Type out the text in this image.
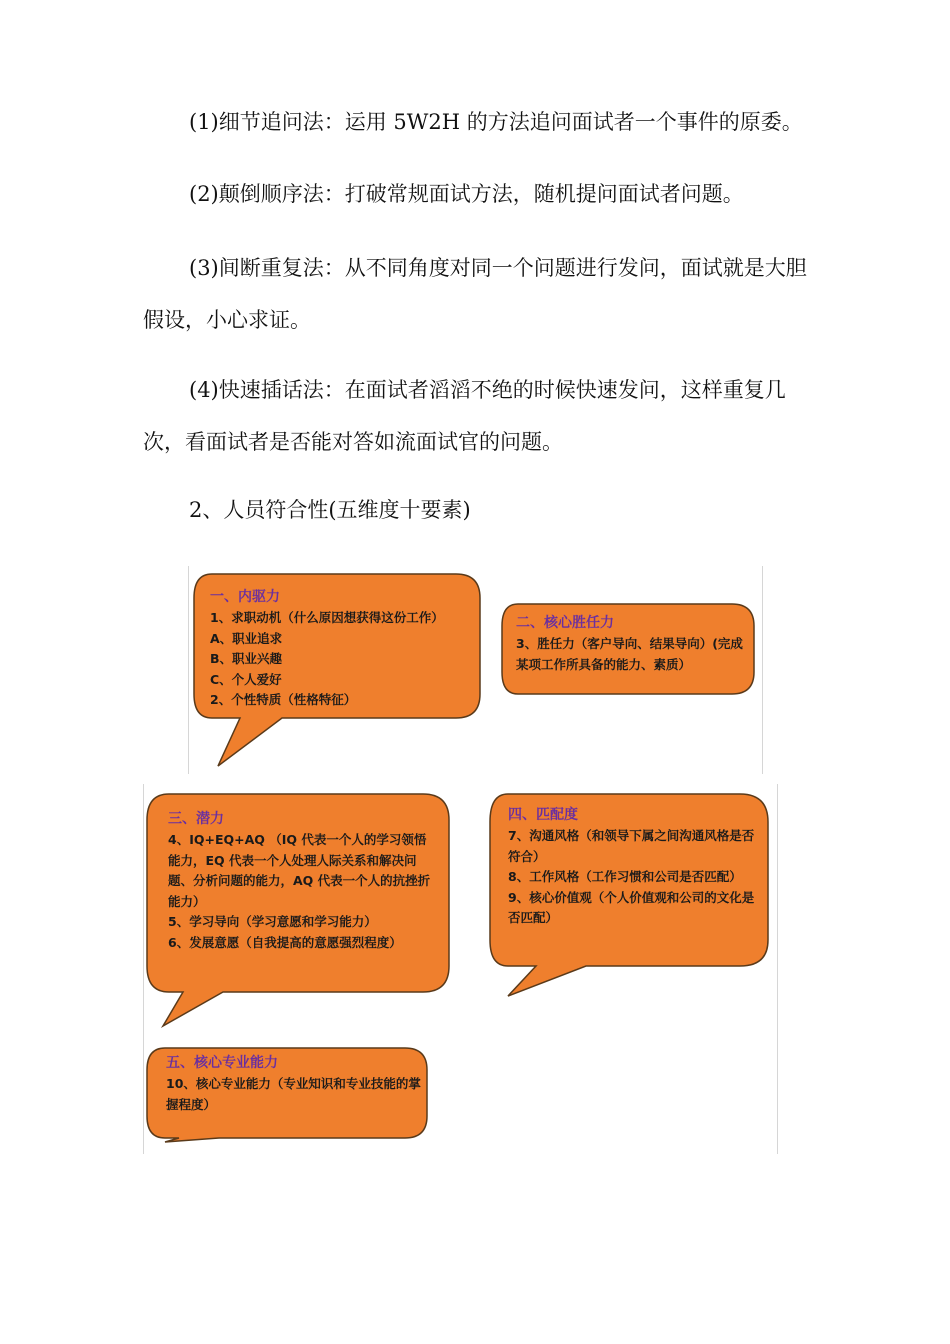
(1)细节追问法：运用 5W2H 的方法追问面试者一个事件的原委。

(2)颠倒顺序法：打破常规面试方法，随机提问面试者问题。

(3)间断重复法：从不同角度对同一个问题进行发问，面试就是大胆假设，小心求证。

(4)快速插话法：在面试者滔滔不绝的时候快速发问，这样重复几次，看面试者是否能对答如流面试官的问题。

2、人员符合性(五维度十要素)

一、内驱力
1、求职动机（什么原因想获得这份工作）
A、职业追求
B、职业兴趣
C、个人爱好
2、个性特质（性格特征）
二、核心胜任力
3、胜任力（客户导向、结果导向）(完成某项工作所具备的能力、素质）
三、潜力
4、IQ+EQ+AQ （IQ 代表一个人的学习领悟能力，EQ 代表一个人处理人际关系和解决问题、分析问题的能力，AQ 代表一个人的抗挫折能力）
5、学习导向（学习意愿和学习能力）
6、发展意愿（自我提高的意愿强烈程度）
四、匹配度
7、沟通风格（和领导下属之间沟通风格是否符合）
8、工作风格（工作习惯和公司是否匹配）
9、核心价值观（个人价值观和公司的文化是否匹配）
五、核心专业能力
10、核心专业能力（专业知识和专业技能的掌握程度）
